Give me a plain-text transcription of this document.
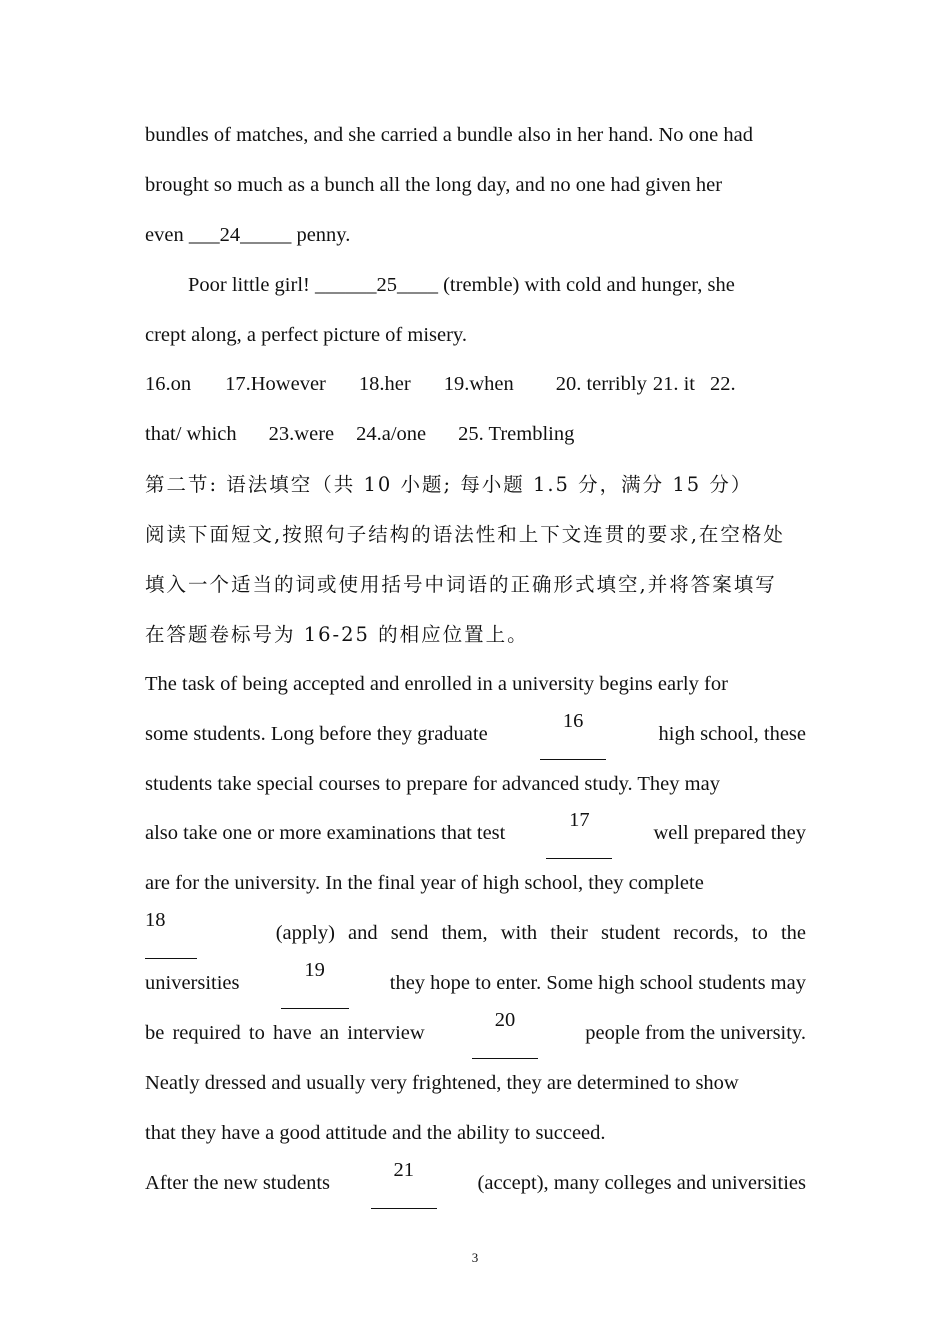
bundles of matches, and she carried a bundle also in her hand. No one had
brought so much as a bunch all the long day, and no one had given her
even ___24_____ penny.
Poor little girl! ______25____ (tremble) with cold and hunger, she
crept along, a perfect picture of misery.
16.on 17.However 18.her 19.when 20. terribly 21. it 22.
that/ which 23.were 24.a/one 25. Trembling
第二节: 语法填空（共 10 小题; 每小题 1.5 分，满分 15 分）
阅读下面短文,按照句子结构的语法性和上下文连贯的要求,在空格处
填入一个适当的词或使用括号中词语的正确形式填空,并将答案填写
在答题卷标号为 16-25 的相应位置上。
The task of being accepted and enrolled in a university begins early for
some students. Long before they graduate
16
high school, these
students take special courses to prepare for advanced study. They may
also take one or more examinations that test
17
well prepared they
are for the university. In the final year of high school, they complete
18
(apply) and send them, with their student records, to the
universities
19
they hope to enter. Some high school students may
be required to have an interview
20
people from the university.
Neatly dressed and usually very frightened, they are determined to show
that they have a good attitude and the ability to succeed.
After the new students
21
(accept), many colleges and universities
3
